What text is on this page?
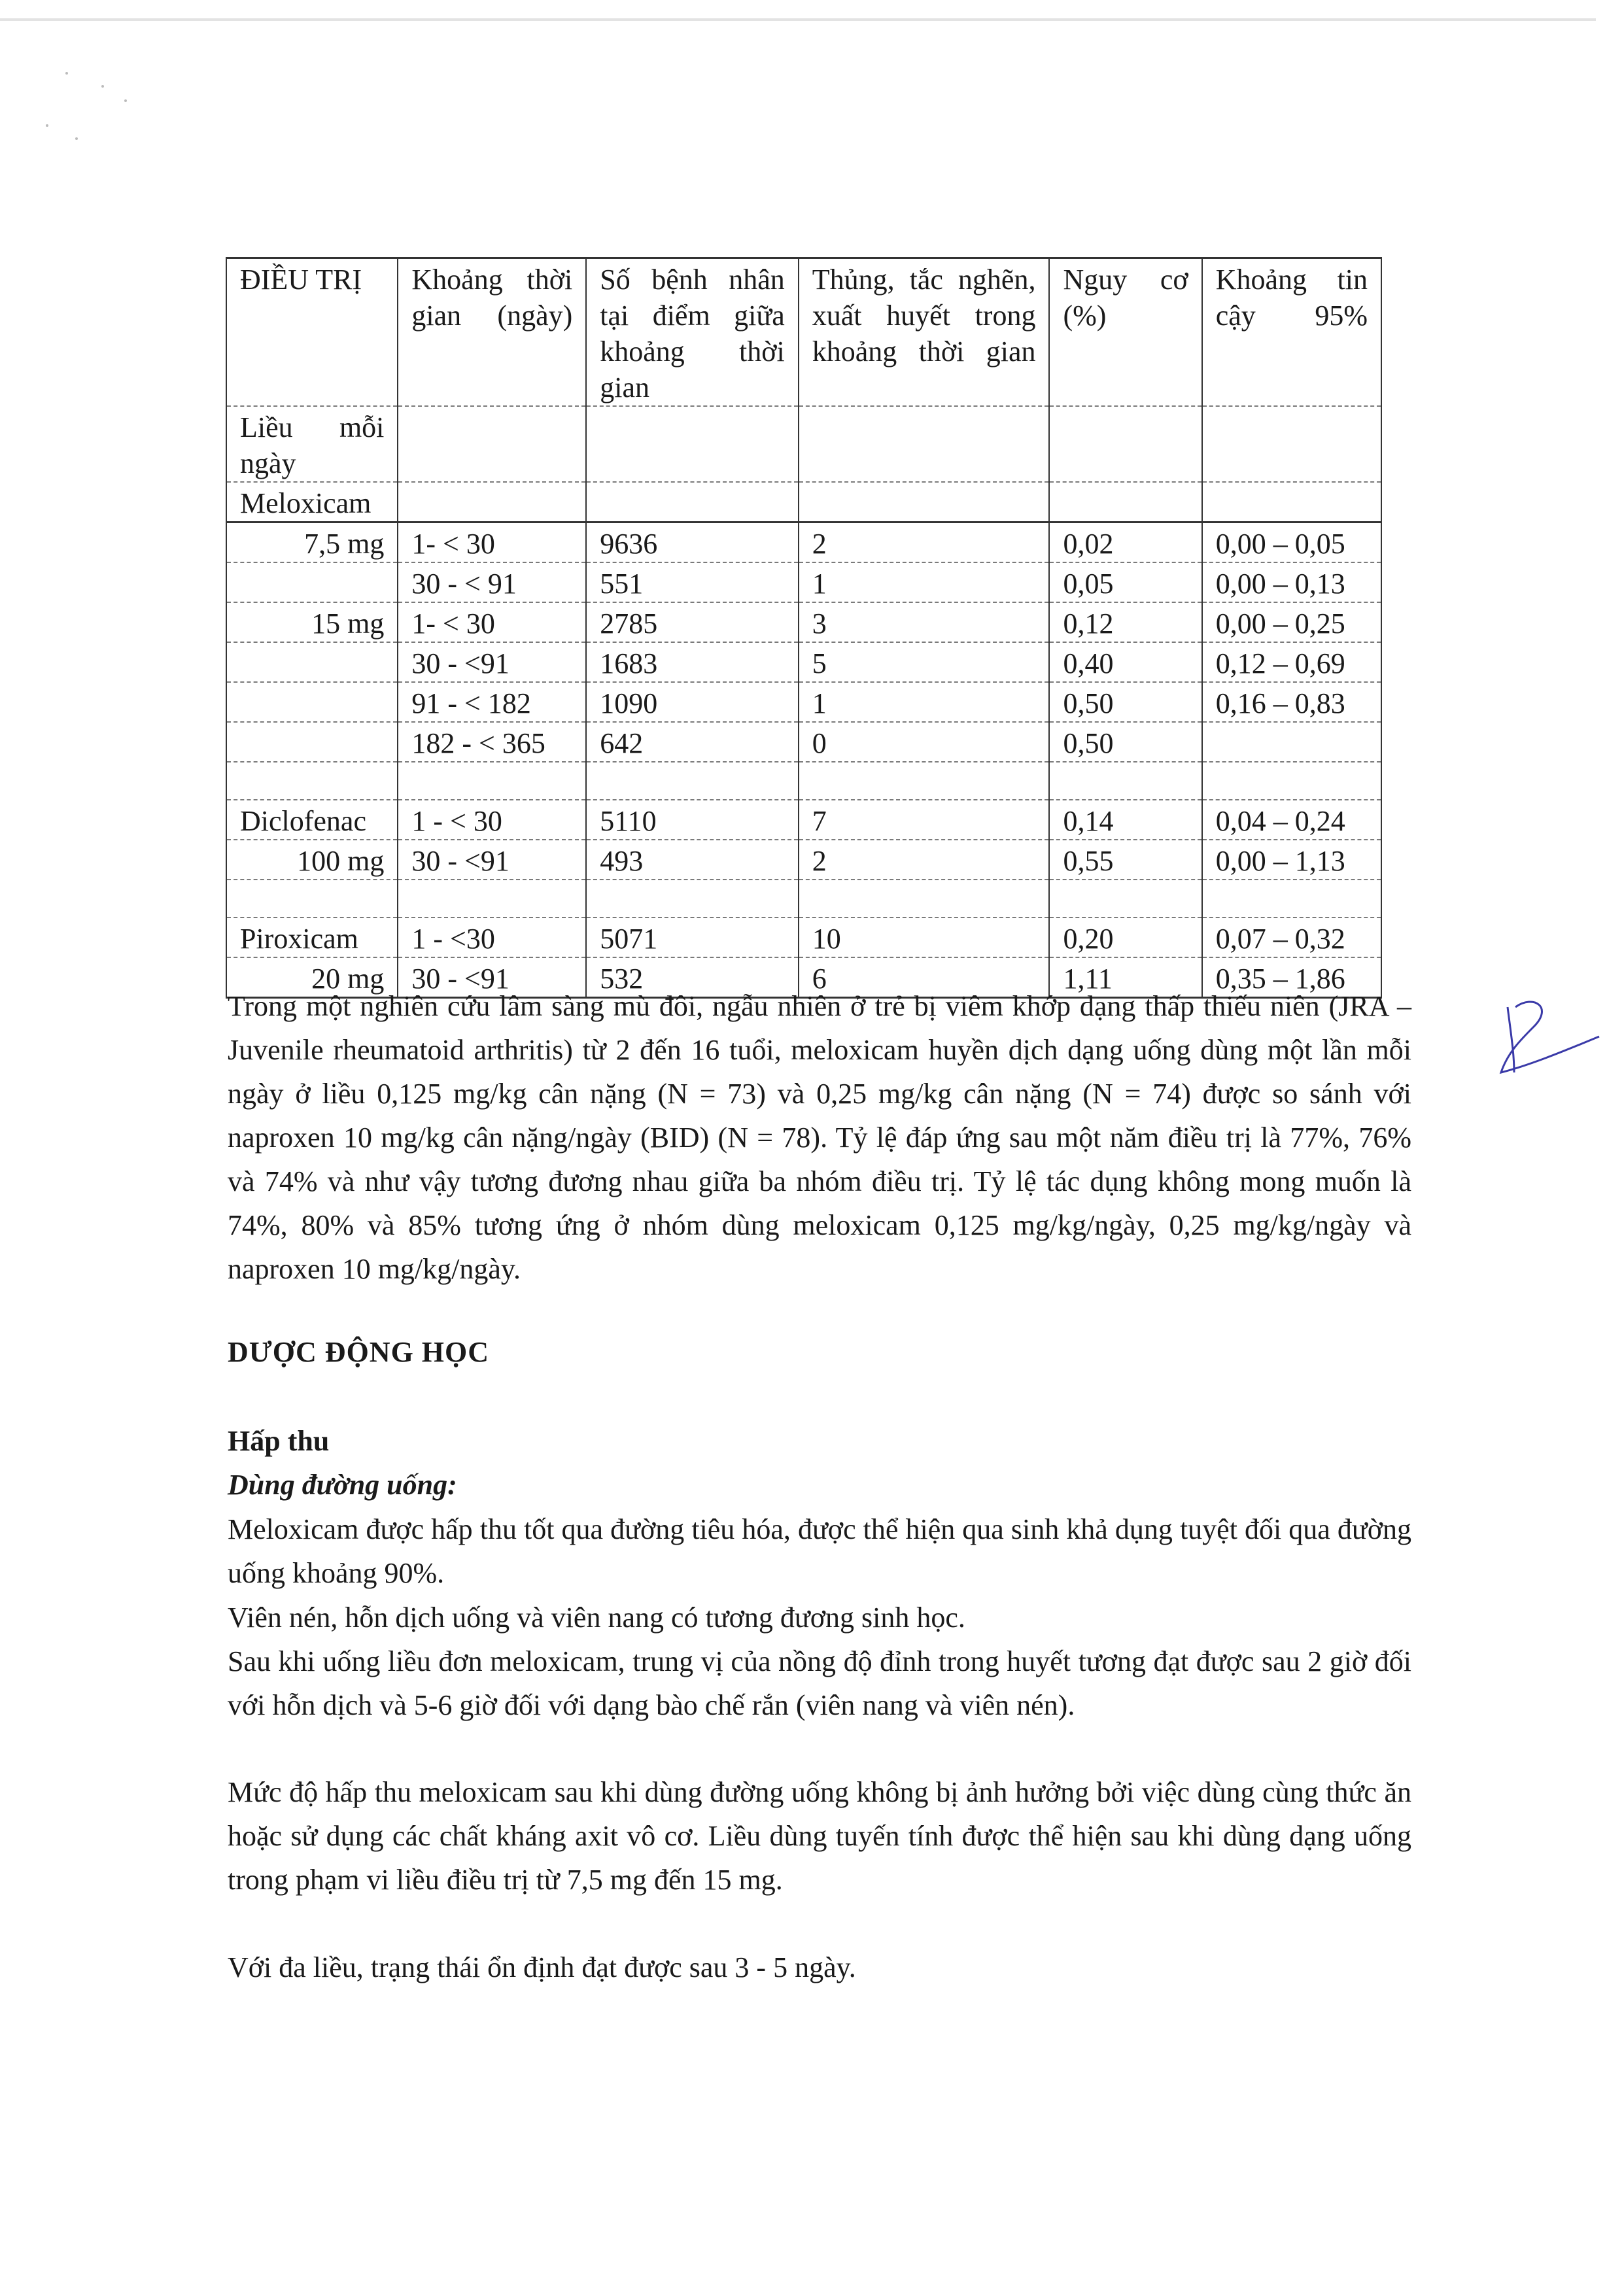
ĐIỀU TRỊ	Khoảng thời gian (ngày)	Số bệnh nhân tại điểm giữa khoảng thời gian	Thủng, tắc nghẽn, xuất huyết trong khoảng thời gian	Nguy cơ (%)	Khoảng tin cậy 95%
Liều mỗi ngày					
Meloxicam					
7,5 mg	1- < 30	9636	2	0,02	0,00 – 0,05
	30 - < 91	551	1	0,05	0,00 – 0,13
15 mg	1- < 30	2785	3	0,12	0,00 – 0,25
	30 - <91	1683	5	0,40	0,12 – 0,69
	91 - < 182	1090	1	0,50	0,16 – 0,83
	182 - < 365	642	0	0,50	

Diclofenac	1 - < 30	5110	7	0,14	0,04 – 0,24
100 mg	30 - <91	493	2	0,55	0,00 – 1,13

Piroxicam	1 - <30	5071	10	0,20	0,07 – 0,32
20 mg	30 - <91	532	6	1,11	0,35 – 1,86
Trong một nghiên cứu lâm sàng mù đôi, ngẫu nhiên ở trẻ bị viêm khớp dạng thấp thiếu niên (JRA – Juvenile rheumatoid arthritis) từ 2 đến 16 tuổi, meloxicam huyền dịch dạng uống dùng một lần mỗi ngày ở liều 0,125 mg/kg cân nặng (N = 73) và 0,25 mg/kg cân nặng (N = 74) được so sánh với naproxen 10 mg/kg cân nặng/ngày (BID) (N = 78). Tỷ lệ đáp ứng sau một năm điều trị là 77%, 76% và 74% và như vậy tương đương nhau giữa ba nhóm điều trị. Tỷ lệ tác dụng không mong muốn là 74%, 80% và 85% tương ứng ở nhóm dùng meloxicam 0,125 mg/kg/ngày, 0,25 mg/kg/ngày và naproxen 10 mg/kg/ngày.
DƯỢC ĐỘNG HỌC
Hấp thu
Dùng đường uống:
Meloxicam được hấp thu tốt qua đường tiêu hóa, được thể hiện qua sinh khả dụng tuyệt đối qua đường uống khoảng 90%.
Viên nén, hỗn dịch uống và viên nang có tương đương sinh học.
Sau khi uống liều đơn meloxicam, trung vị của nồng độ đỉnh trong huyết tương đạt được sau 2 giờ đối với hỗn dịch và 5-6 giờ đối với dạng bào chế rắn (viên nang và viên nén).
Mức độ hấp thu meloxicam sau khi dùng đường uống không bị ảnh hưởng bởi việc dùng cùng thức ăn hoặc sử dụng các chất kháng axit vô cơ. Liều dùng tuyến tính được thể hiện sau khi dùng dạng uống trong phạm vi liều điều trị từ 7,5 mg đến 15 mg.
Với đa liều, trạng thái ổn định đạt được sau 3 - 5 ngày.
